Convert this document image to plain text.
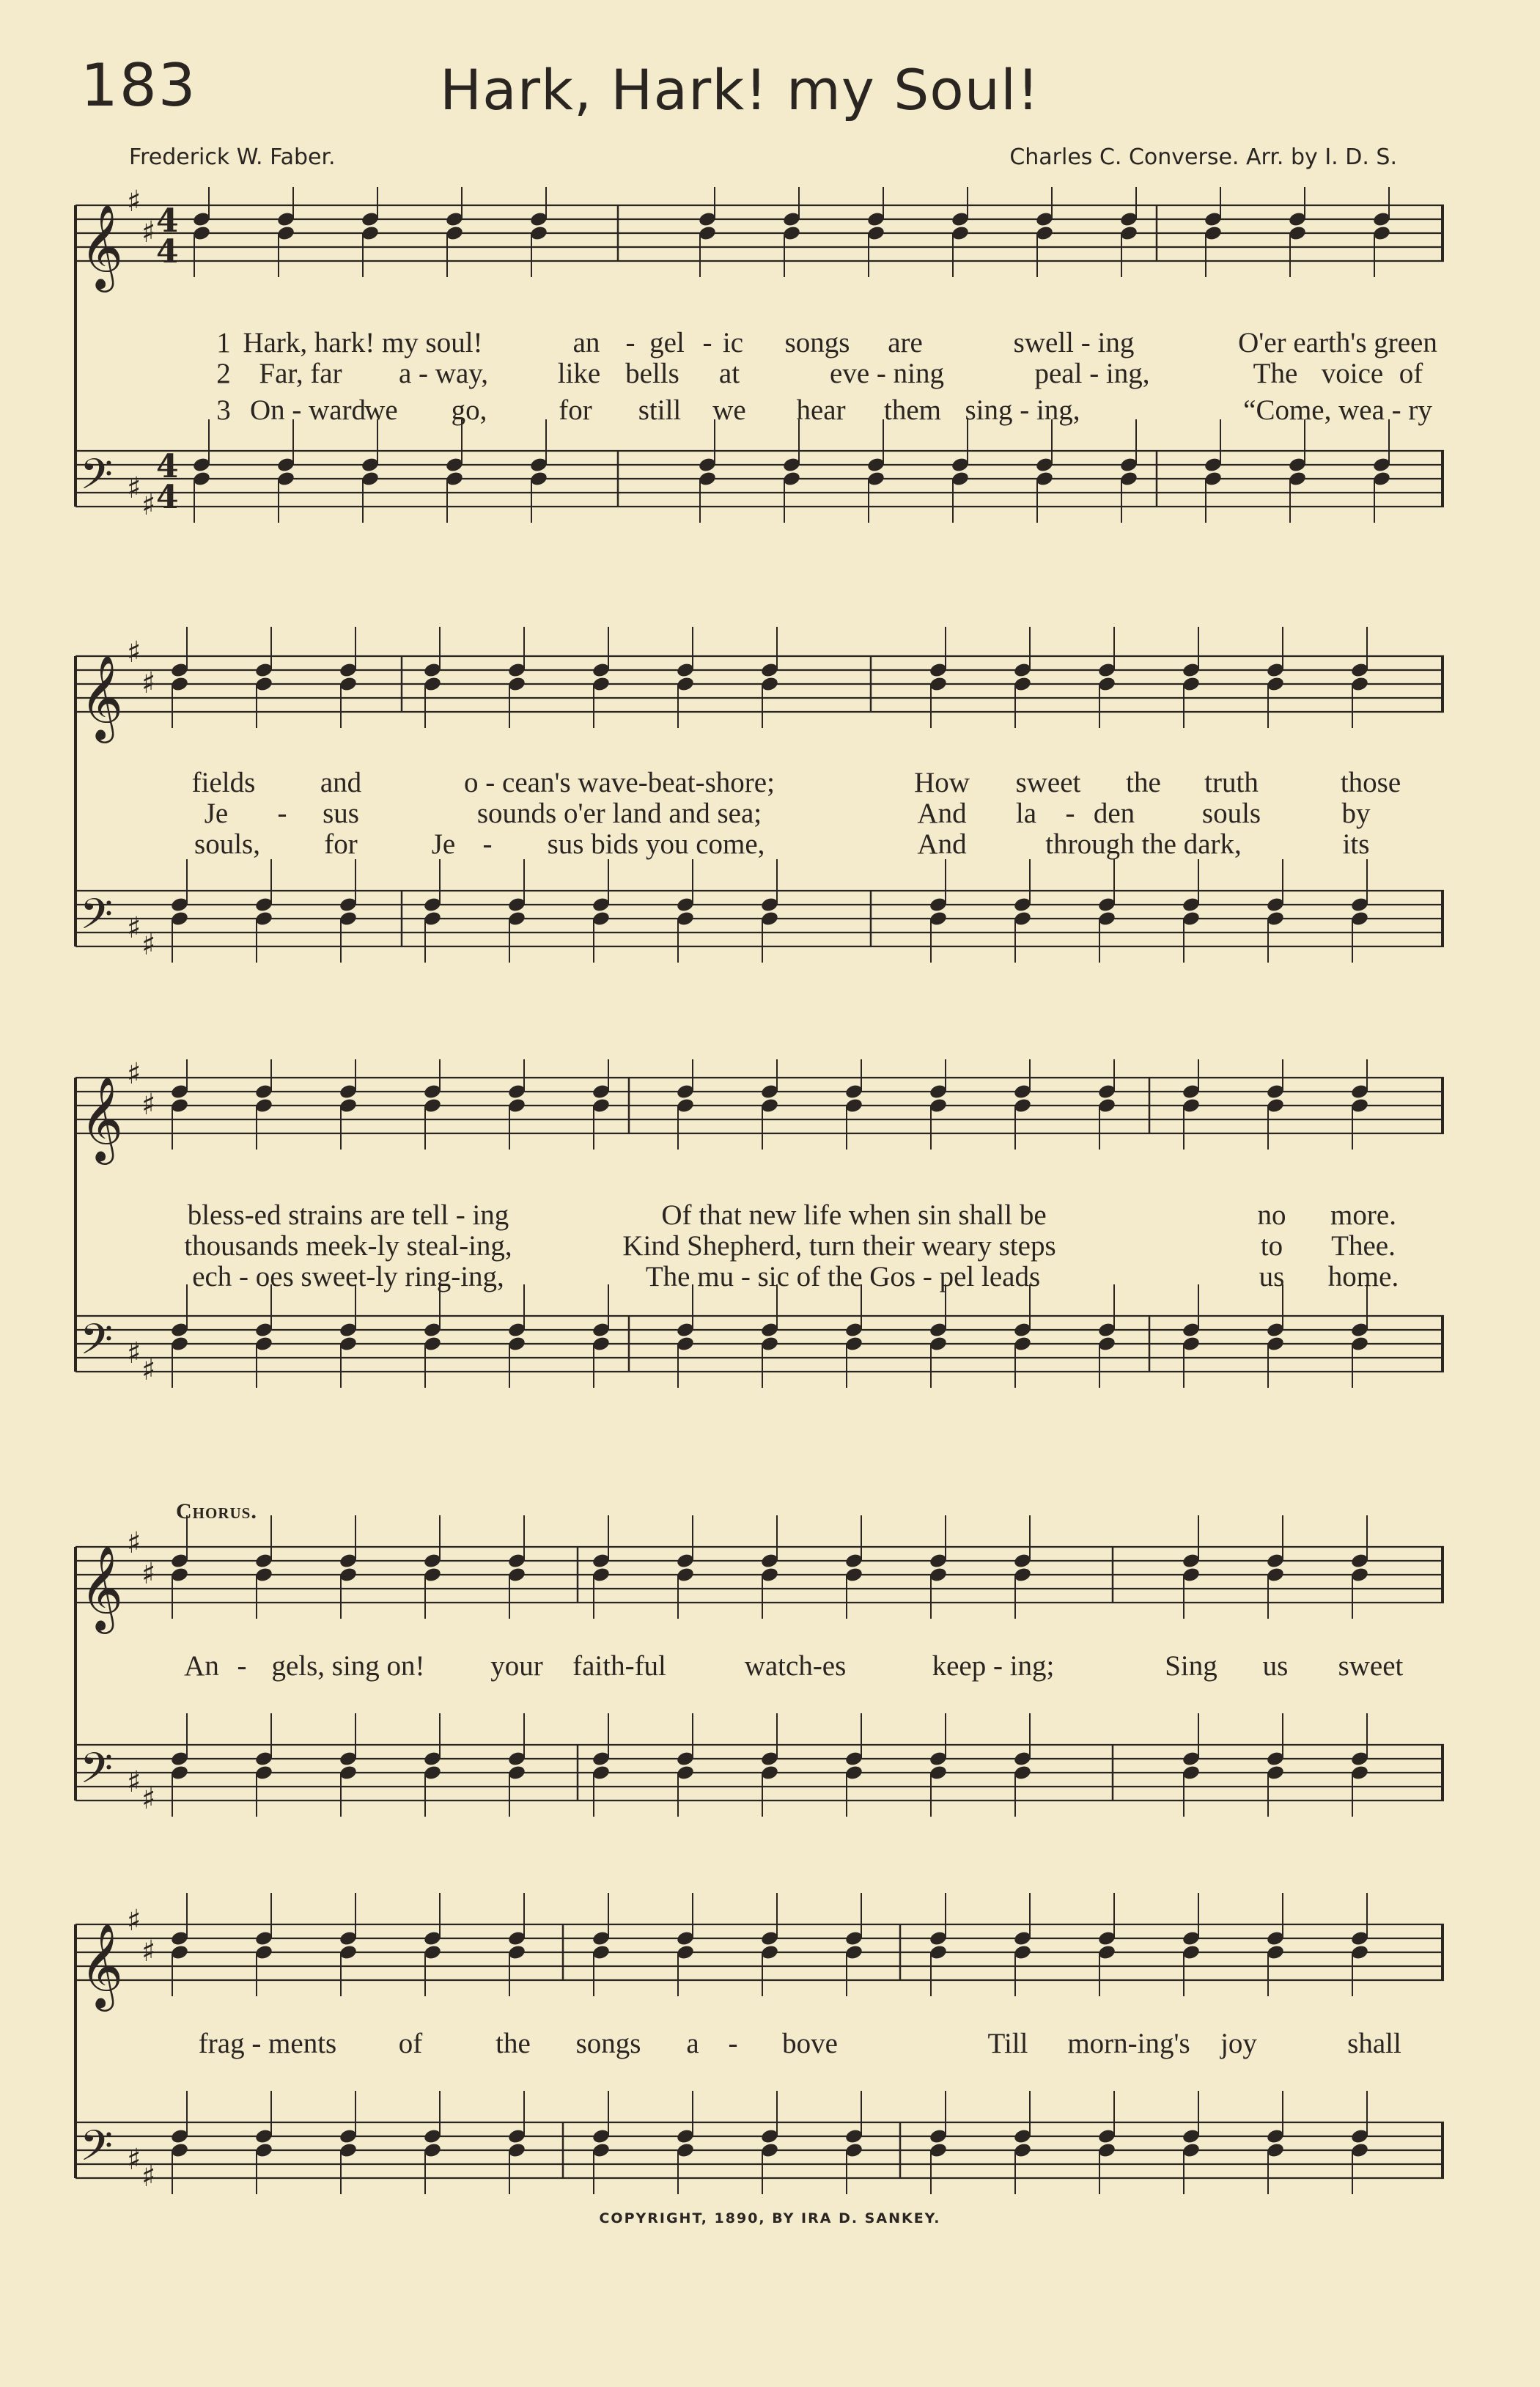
183	Hark, Hark! my Soul!
Frederick W. Faber.	Charles C. Converse. Arr. by I. D. S.
𝄞
♯
♯ 4
4
𝄢 ♯ ♯
4
4
1 Hark, hark! my soul!	an - gel - ic songs are	swell - ing	O'er earth's green
2 Far, far a - way, like bells at	eve - ning	peal - ing,	The voice of
3 On - ward
we go,	for still we hear them sing - ing,	“Come, wea - ry
𝄞
♯
♯
𝄢 ♯ ♯
fields and	o - cean's wave-beat-shore;	How sweet the truth	those
Je - sus	sounds o'er land and sea;	And la - den souls	by
souls, for	Je - sus bids you come,	And	through the dark,	its
𝄞
♯
♯
𝄢 ♯ ♯
bless-ed strains are tell - ing	Of that new life when sin shall be	no more.
thousands meek-ly steal-ing,	Kind Shepherd, turn their weary steps	to Thee.
ech - oes sweet-ly ring-ing,	The mu - sic of the Gos - pel leads	us home.
Chorus.
𝄞
♯
♯
𝄢 ♯ ♯
An - gels, sing on! your faith-ful	watch-es	keep - ing;	Sing us sweet
𝄞
♯
♯
𝄢 ♯ ♯
frag - ments of	the songs a - bove	Till morn-ing's joy	shall
COPYRIGHT, 1890, BY IRA D. SANKEY.
